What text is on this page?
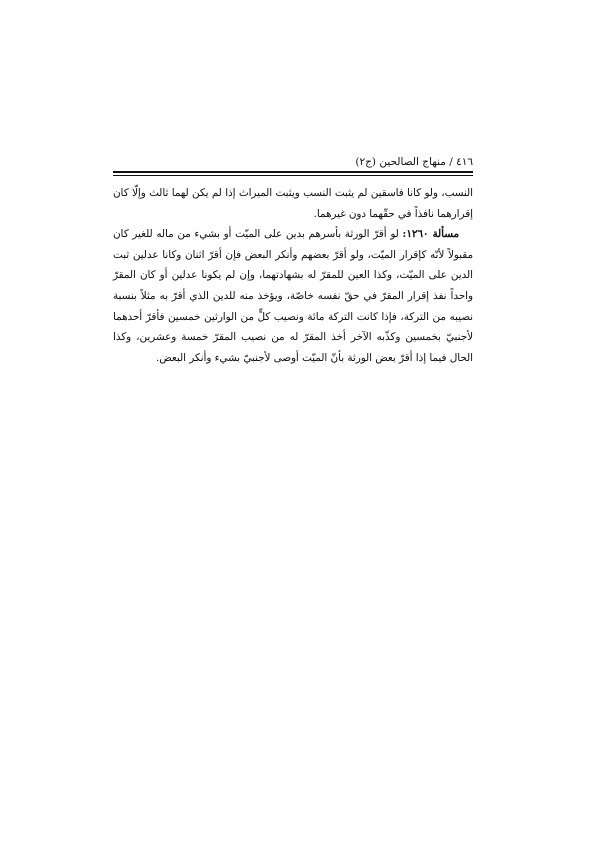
٤١٦ / منهاج الصالحين (ج٢)

النسب، ولو كانا فاسقين لم يثبت النسب ويثبت الميراث إذا لم يكن لهما ثالث وإلّا كان إقرارهما نافذاً في حقّهما دون غيرهما.

مسألة ١٢٦٠: لو أقرّ الورثة بأسرهم بدين على الميّت أو بشيء من ماله للغير كان مقبولاً لأنّه كإقرار الميّت، ولو أقرّ بعضهم وأنكر البعض فإن أقرّ اثنان وكانا عدلين ثبت الدين على الميّت، وكذا العين للمقرّ له بشهادتهما، وإن لم يكونا عدلين أو كان المقرّ واحداً نفذ إقرار المقرّ في حقّ نفسه خاصّة، ويؤخذ منه للدين الذي أقرّ به مثلاً بنسبة نصيبه من التركة، فإذا كانت التركة مائة ونصيب كلٍّ من الوارثين خمسين فأقرّ أحدهما لأجنبيّ بخمسين وكذّبه الآخر أخذ المقرّ له من نصيب المقرّ خمسة وعشرين، وكذا الحال فيما إذا أقرّ بعض الورثة بأنّ الميّت أوصى لأجنبيّ بشيء وأنكر البعض.
